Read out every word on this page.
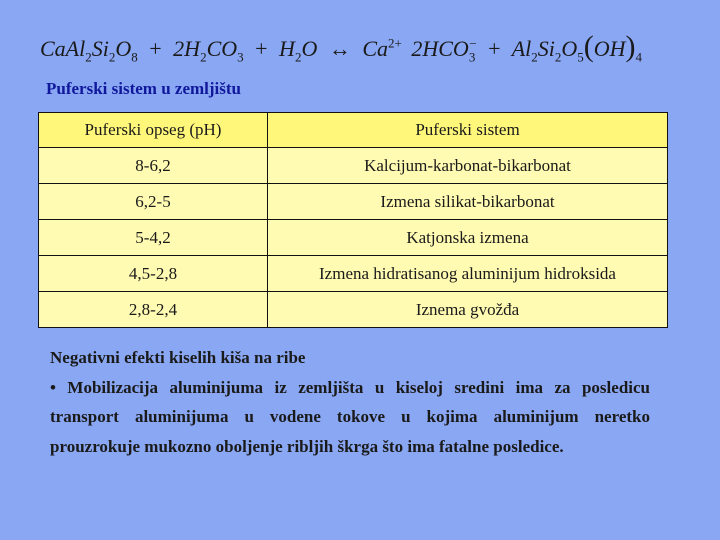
$CaAl_2Si_2O_8 + 2H_2CO_3 + H_2O$ ↔ $Ca^{2+}$ $2HCO_3^- + Al_2Si_2O_5(OH)_4$
Puferski sistem u zemljištu
Puferski opseg (pH)	Puferski sistem
8-6,2	Kalcijum-karbonat-bikarbonat
6,2-5	Izmena silikat-bikarbonat
5-4,2	Katjonska izmena
4,5-2,8	Izmena hidratisanog aluminijum hidroksida
2,8-2,4	Iznema gvožđa

Negativni efekti kiselih kiša na ribe

• Mobilizacija aluminijuma iz zemljišta u kiseloj sredini ima za posledicu transport aluminijuma u vodene tokove u kojima aluminijum neretko prouzrokuje mukozno oboljenje ribljih škrga što ima fatalne posledice.
